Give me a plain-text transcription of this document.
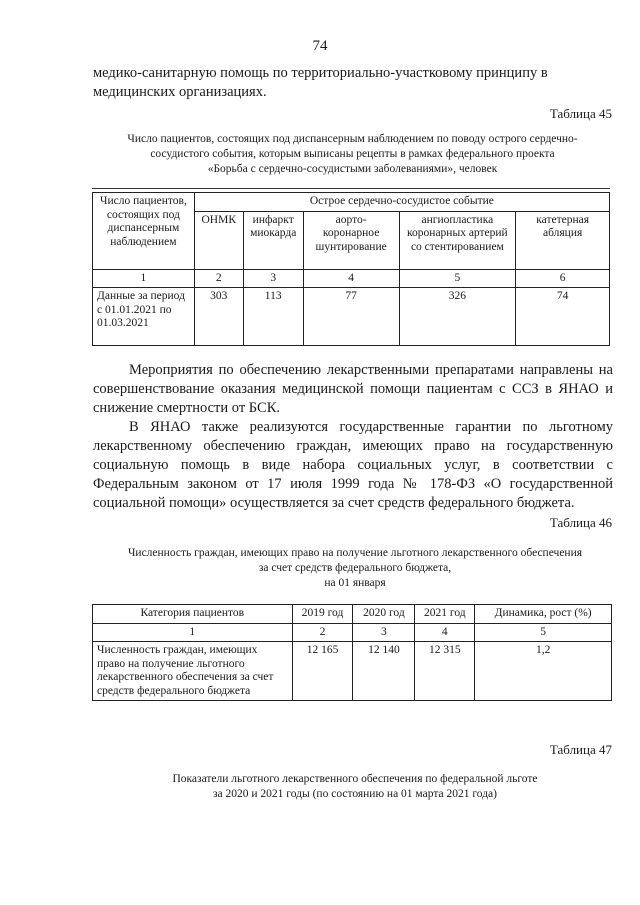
74
медико-санитарную помощь по территориально-участковому принципу в
медицинских организациях.
Таблица 45
Число пациентов, состоящих под диспансерным наблюдением по поводу острого сердечно-
сосудистого события, которым выписаны рецепты в рамках федерального проекта
«Борьба с сердечно-сосудистыми заболеваниями», человек
Число пациентов, состоящих под диспансерным наблюдением	Острое сердечно-сосудистое событие				
	ОНМК	инфаркт миокарда	аорто-коронарное шунтирование	ангиопластика коронарных артерий со стентированием	катетерная абляция
1	2	3	4	5	6
Данные за период с 01.01.2021 по 01.03.2021	303	113	77	326	74
Мероприятия по обеспечению лекарственными препаратами направлены на совершенствование оказания медицинской помощи пациентам с ССЗ в ЯНАО и снижение смертности от БСК.
В ЯНАО также реализуются государственные гарантии по льготному лекарственному обеспечению граждан, имеющих право на государственную социальную помощь в виде набора социальных услуг, в соответствии с Федеральным законом от 17 июля 1999 года № 178-ФЗ «О государственной социальной помощи» осуществляется за счет средств федерального бюджета.
Таблица 46
Численность граждан, имеющих право на получение льготного лекарственного обеспечения
за счет средств федерального бюджета,
на 01 января
Категория пациентов	2019 год	2020 год	2021 год	Динамика, рост (%)
1	2	3	4	5
Численность граждан, имеющих право на получение льготного лекарственного обеспечения за счет средств федерального бюджета	12 165	12 140	12 315	1,2
Таблица 47
Показатели льготного лекарственного обеспечения по федеральной льготе
за 2020 и 2021 годы (по состоянию на 01 марта 2021 года)
